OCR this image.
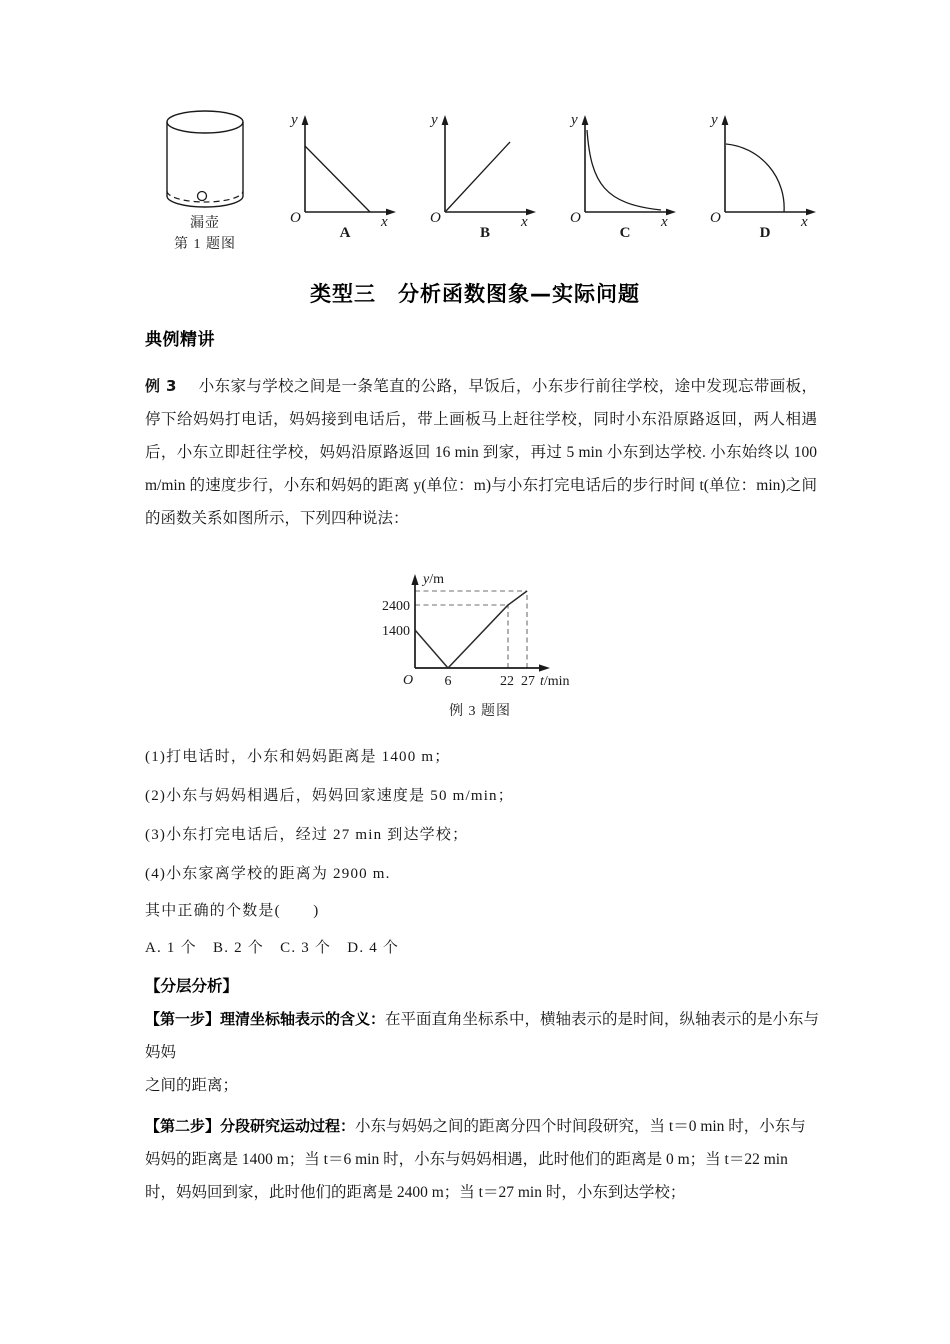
漏壶
第 1 题图
y
x
O
A
y
x
O
B
y
x
O
C
y
x
O
D
类型三　分析函数图象—实际问题
典例精讲

例 3 小东家与学校之间是一条笔直的公路，早饭后，小东步行前往学校，途中发现忘带画板，停下给妈妈打电话，妈妈接到电话后，带上画板马上赶往学校，同时小东沿原路返回，两人相遇后，小东立即赶往学校，妈妈沿原路返回 16 min 到家，再过 5 min 小东到达学校. 小东始终以 100 m/min 的速度步行，小东和妈妈的距离 y(单位：m)与小东打完电话后的步行时间 t(单位：min)之间的函数关系如图所示，下列四种说法：

2400
1400
O 6	22 27
y/m
t/min
例 3 题图
(1)打电话时，小东和妈妈距离是 1400 m；
(2)小东与妈妈相遇后，妈妈回家速度是 50 m/min；
(3)小东打完电话后，经过 27 min 到达学校；
(4)小东家离学校的距离为 2900 m.
其中正确的个数是(　　)
A. 1 个　B. 2 个　C. 3 个　D. 4 个
【分层分析】
【第一步】理清坐标轴表示的含义：在平面直角坐标系中，横轴表示的是时间，纵轴表示的是小东与妈妈
之间的距离；
【第二步】分段研究运动过程：小东与妈妈之间的距离分四个时间段研究，当 t＝0 min 时，小东与妈妈的距离是 1400 m；当 t＝6 min 时，小东与妈妈相遇，此时他们的距离是 0 m；当 t＝22 min 时，妈妈回到家，此时他们的距离是 2400 m；当 t＝27 min 时，小东到达学校；
